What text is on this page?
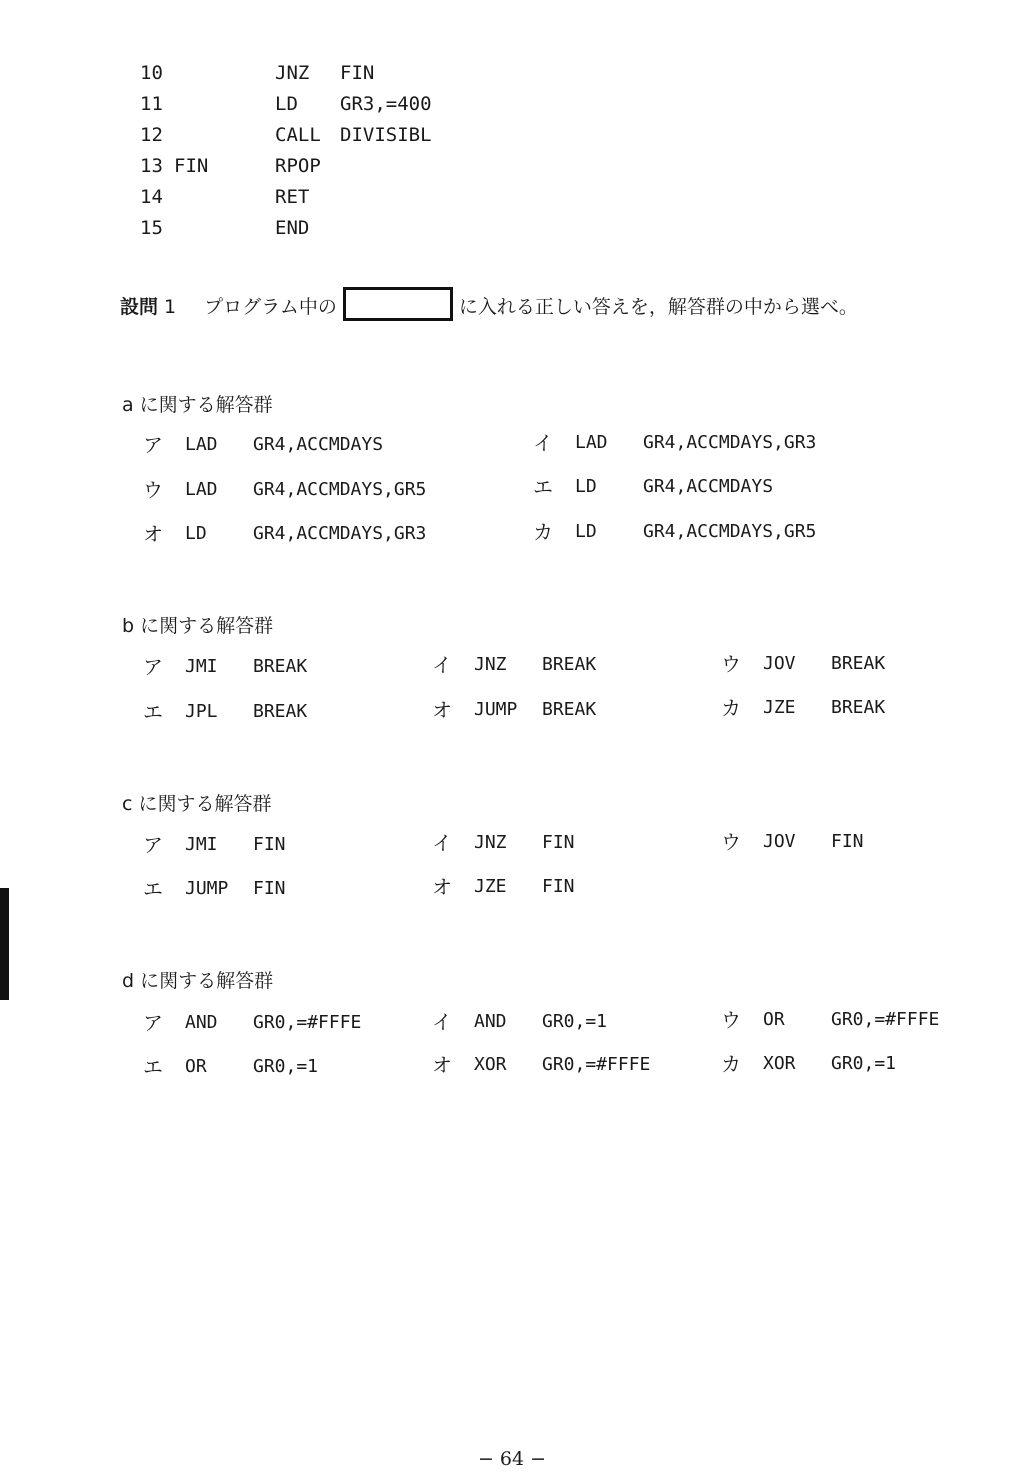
10	JNZ FIN
11	LD GR3,=400
12	CALL DIVISIBL
13 FIN	RPOP
14	RET
15	END
設問 1 プログラム中の	に入れる正しい答えを，解答群の中から選べ。
a に関する解答群
ア LAD GR4,ACCMDAYS	イ LAD GR4,ACCMDAYS,GR3
ウ LAD GR4,ACCMDAYS,GR5	エ LD	GR4,ACCMDAYS
オ LD	GR4,ACCMDAYS,GR3	カ LD	GR4,ACCMDAYS,GR5
b に関する解答群
ア JMI BREAK	イ JNZ BREAK	ウ JOV BREAK
エ JPL BREAK	オ JUMP BREAK	カ JZE BREAK
c に関する解答群
ア JMI FIN	イ JNZ FIN	ウ JOV FIN
エ JUMP FIN	オ JZE FIN
d に関する解答群
ア AND GR0,=#FFFE	イ AND GR0,=1	ウ OR	GR0,=#FFFE
エ OR	GR0,=1	オ XOR GR0,=#FFFE	カ XOR GR0,=1
− 64 −
